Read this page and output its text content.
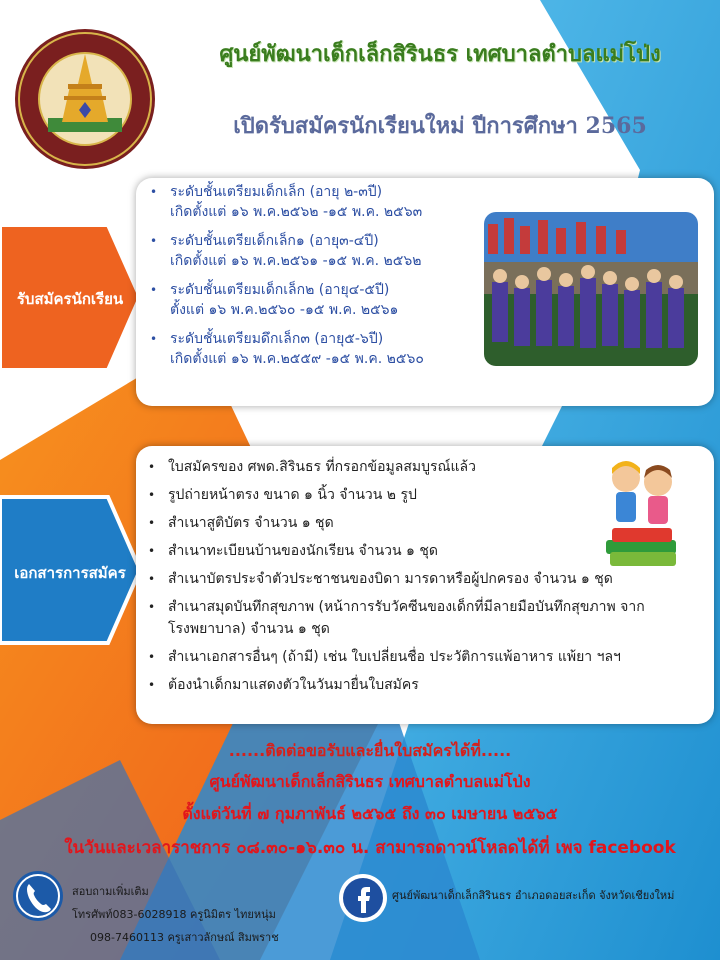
ศูนย์พัฒนาเด็กเล็กสิรินธร เทศบาลตำบลแม่โป่ง
เปิดรับสมัครนักเรียนใหม่ ปีการศึกษา 2565
รับสมัครนักเรียน
• ระดับชั้นเตรียมเด็กเล็ก (อายุ ๒-๓ปี)
เกิดตั้งแต่ ๑๖ พ.ค.๒๕๖๒ -๑๕ พ.ค. ๒๕๖๓
• ระดับชั้นเตรียเด็กเล็ก๑ (อายุ๓-๔ปี)
เกิดตั้งแต่ ๑๖ พ.ค.๒๕๖๑ -๑๕ พ.ค. ๒๕๖๒
• ระดับชั้นเตรียมเด็กเล็ก๒ (อายุ๔-๕ปี)
ตั้งแต่ ๑๖ พ.ค.๒๕๖๐ -๑๕ พ.ค. ๒๕๖๑
• ระดับชั้นเตรียมดึกเล็ก๓ (อายุ๕-๖ปี)
เกิดตั้งแต่ ๑๖ พ.ค.๒๕๕๙ -๑๕ พ.ค. ๒๕๖๐
เอกสารการสมัคร
• ใบสมัครของ ศพด.สิรินธร ที่กรอกข้อมูลสมบูรณ์แล้ว
• รูปถ่ายหน้าตรง ขนาด ๑ นิ้ว จำนวน ๒ รูป
• สำเนาสูติบัตร จำนวน ๑ ชุด
• สำเนาทะเบียนบ้านของนักเรียน จำนวน ๑ ชุด
• สำเนาบัตรประจำตัวประชาชนของบิดา มารดาหรือผู้ปกครอง จำนวน ๑ ชุด
• สำเนาสมุดบันทึกสุขภาพ (หน้าการรับวัคซีนของเด็กที่มีลายมือบันทึกสุขภาพ จาก โรงพยาบาล) จำนวน ๑ ชุด
• สำเนาเอกสารอื่นๆ (ถ้ามี) เช่น ใบเปลี่ยนชื่อ ประวัติการแพ้อาหาร แพ้ยา ฯลฯ
• ต้องนำเด็กมาแสดงตัวในวันมายื่นใบสมัคร
......ติดต่อขอรับและยื่นใบสมัครได้ที่.....
ศูนย์พัฒนาเด็กเล็กสิรินธร เทศบาลตำบลแม่โป่ง
ตั้งแต่วันที่ ๗ กุมภาพันธ์ ๒๕๖๕ ถึง ๓๐ เมษายน ๒๕๖๕
ในวันและเวลาราชการ ๐๘.๓๐-๑๖.๓๐ น. สามารถดาวน์โหลดได้ที่ เพจ facebook
สอบถามเพิ่มเติม
โทรศัพท์083-6028918 ครูนิมิตร ไทยหนุ่ม
098-7460113 ครูเสาวลักษณ์ สิมพราช
ศูนย์พัฒนาเด็กเล็กสิรินธร อำเภอดอยสะเก็ด จังหวัดเชียงใหม่
